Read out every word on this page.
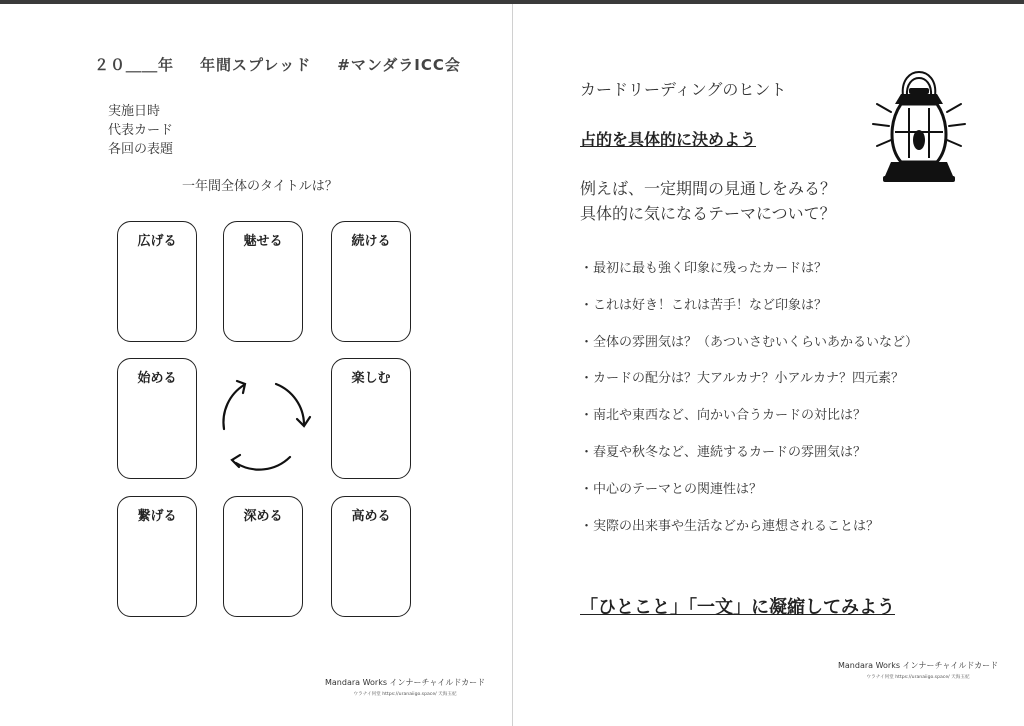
２０＿＿年 年間スプレッド #マンダラICC会
実施日時
代表カード
各回の表題
一年間全体のタイトルは？
広げる	魅せる	続ける
始める	楽しむ
繋げる	深める	高める
Mandara Works インナーチャイルドカード
ウラナイ何堂 https://uranaiigo.space/ 天海玉紀
カードリーディングのヒント
占的を具体的に決めよう
例えば、一定期間の見通しをみる？
具体的に気になるテーマについて？
・最初に最も強く印象に残ったカードは？
・これは好き！これは苦手！など印象は？
・全体の雰囲気は？（あついさむいくらいあかるいなど）
・カードの配分は？大アルカナ？小アルカナ？四元素？
・南北や東西など、向かい合うカードの対比は？
・春夏や秋冬など、連続するカードの雰囲気は？
・中心のテーマとの関連性は？
・実際の出来事や生活などから連想されることは？
「ひとこと」「一文」に凝縮してみよう
Mandara Works インナーチャイルドカード
ウラナイ何堂 https://uranaiigo.space/ 天海玉紀
